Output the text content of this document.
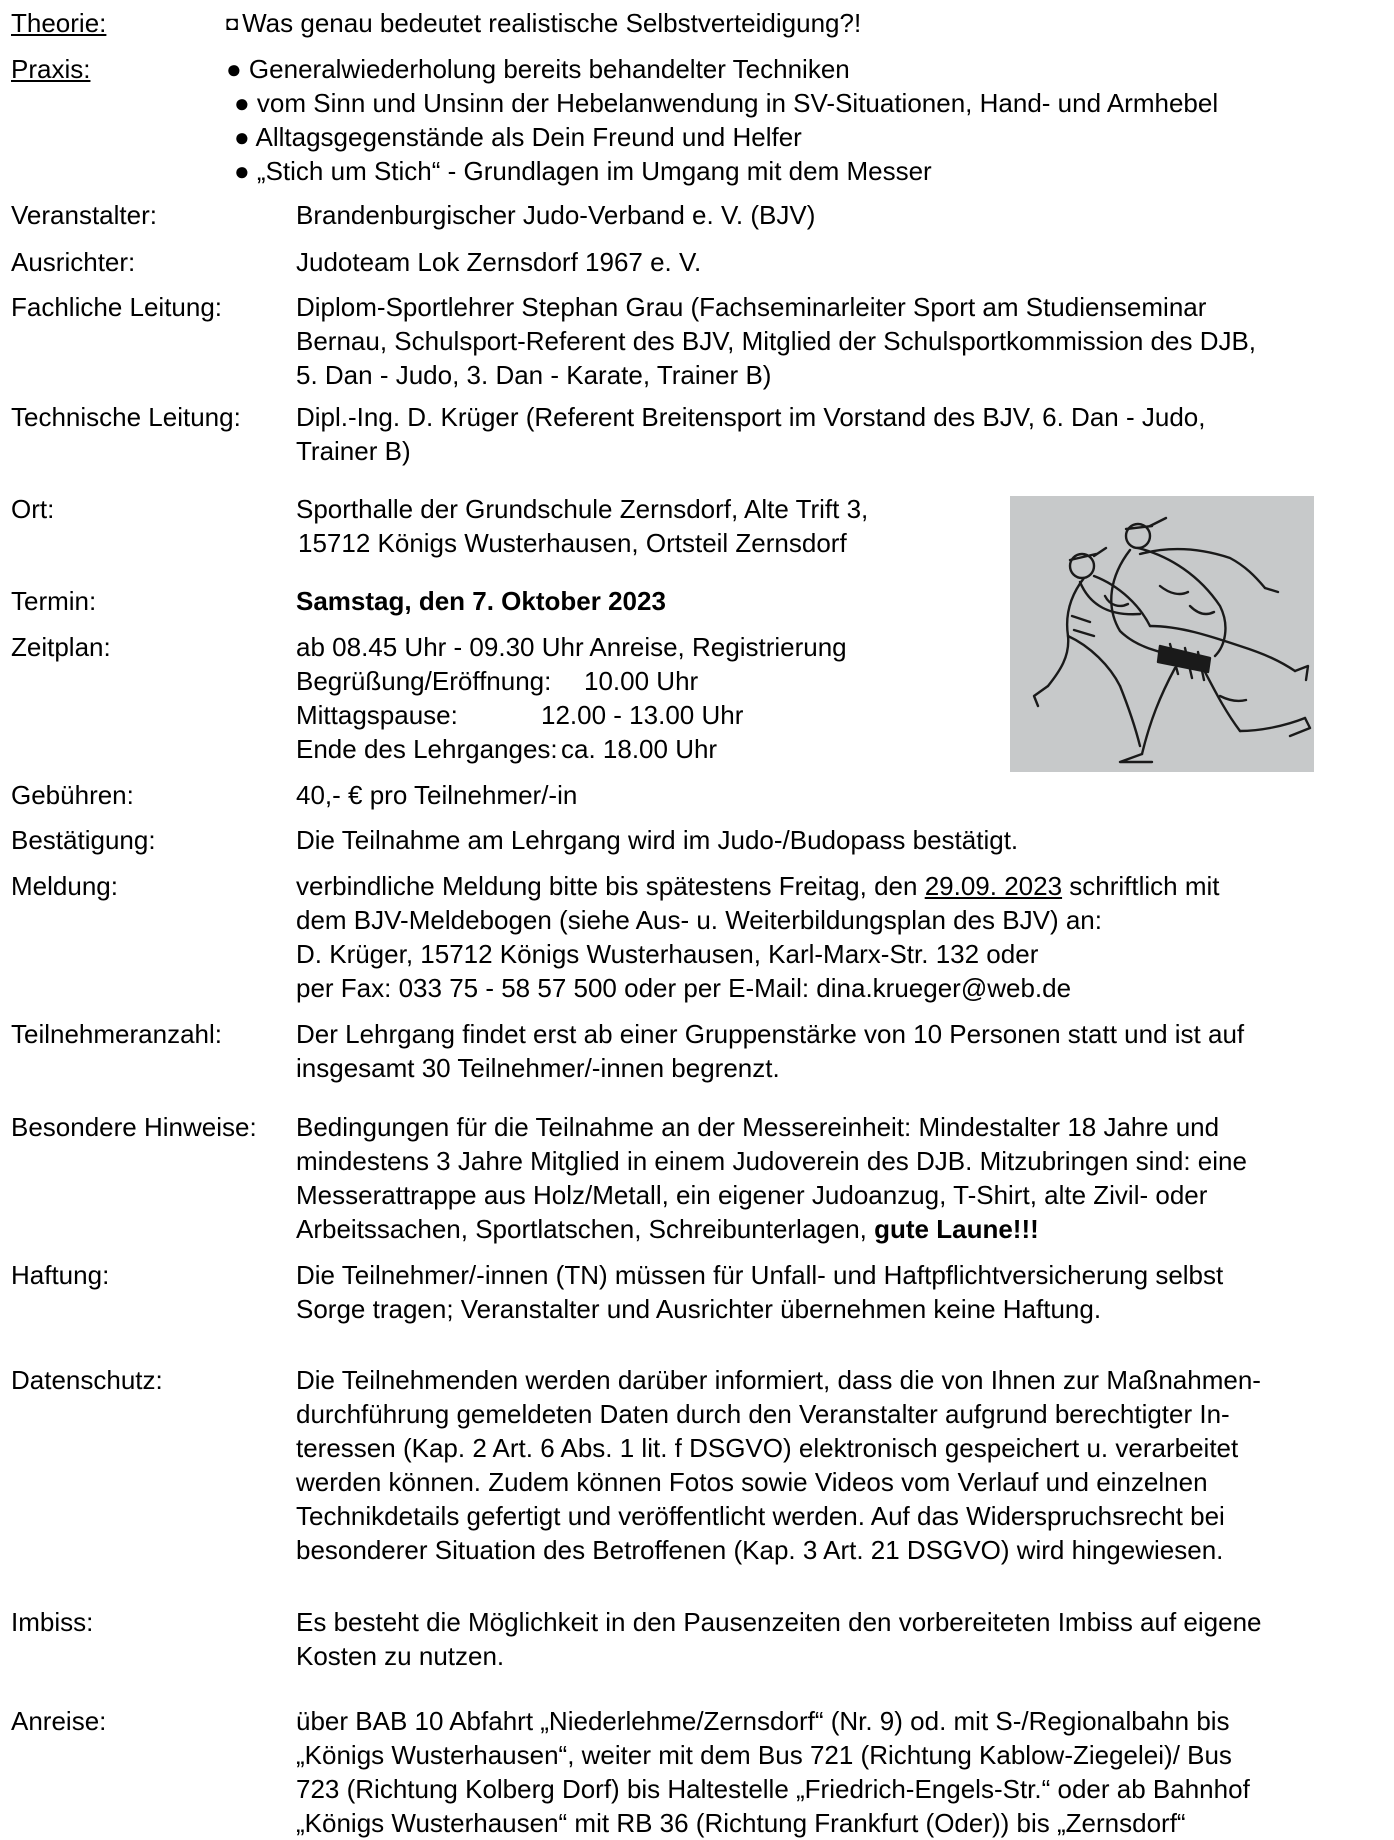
Theorie:	◘ Was genau bedeutet realistische Selbstverteidigung?!
Praxis:	● Generalwiederholung bereits behandelter Techniken
● vom Sinn und Unsinn der Hebelanwendung in SV-Situationen, Hand- und Armhebel
● Alltagsgegenstände als Dein Freund und Helfer
● „Stich um Stich“ - Grundlagen im Umgang mit dem Messer
Veranstalter:	Brandenburgischer Judo-Verband e. V. (BJV)
Ausrichter:	Judoteam Lok Zernsdorf 1967 e. V.
Fachliche Leitung:	Diplom-Sportlehrer Stephan Grau (Fachseminarleiter Sport am Studienseminar
Bernau, Schulsport-Referent des BJV, Mitglied der Schulsportkommission des DJB,
5. Dan - Judo, 3. Dan - Karate, Trainer B)
Technische Leitung: Dipl.-Ing. D. Krüger (Referent Breitensport im Vorstand des BJV, 6. Dan - Judo,
Trainer B)
Ort:	Sporthalle der Grundschule Zernsdorf, Alte Trift 3,
15712 Königs Wusterhausen, Ortsteil Zernsdorf
Termin:	Samstag, den 7. Oktober 2023
Zeitplan:	ab 08.45 Uhr - 09.30 Uhr Anreise, Registrierung
Begrüßung/Eröffnung: 10.00 Uhr
Mittagspause:	12.00 - 13.00 Uhr
Ende des Lehrganges: ca. 18.00 Uhr
Gebühren:	40,- € pro Teilnehmer/-in
Bestätigung:	Die Teilnahme am Lehrgang wird im Judo-/Budopass bestätigt.
Meldung:	verbindliche Meldung bitte bis spätestens Freitag, den 29.09. 2023 schriftlich mit
dem BJV-Meldebogen (siehe Aus- u. Weiterbildungsplan des BJV) an:
D. Krüger, 15712 Königs Wusterhausen, Karl-Marx-Str. 132 oder
per Fax: 033 75 - 58 57 500 oder per E-Mail: dina.krueger@web.de
Teilnehmeranzahl:	Der Lehrgang findet erst ab einer Gruppenstärke von 10 Personen statt und ist auf
insgesamt 30 Teilnehmer/-innen begrenzt.
Besondere Hinweise: Bedingungen für die Teilnahme an der Messereinheit: Mindestalter 18 Jahre und
mindestens 3 Jahre Mitglied in einem Judoverein des DJB. Mitzubringen sind: eine
Messerattrappe aus Holz/Metall, ein eigener Judoanzug, T-Shirt, alte Zivil- oder
Arbeitssachen, Sportlatschen, Schreibunterlagen, gute Laune!!!
Haftung:	Die Teilnehmer/-innen (TN) müssen für Unfall- und Haftpflichtversicherung selbst
Sorge tragen; Veranstalter und Ausrichter übernehmen keine Haftung.
Datenschutz:	Die Teilnehmenden werden darüber informiert, dass die von Ihnen zur Maßnahmen-
durchführung gemeldeten Daten durch den Veranstalter aufgrund berechtigter In-
teressen (Kap. 2 Art. 6 Abs. 1 lit. f DSGVO) elektronisch gespeichert u. verarbeitet
werden können. Zudem können Fotos sowie Videos vom Verlauf und einzelnen
Technikdetails gefertigt und veröffentlicht werden. Auf das Widerspruchsrecht bei
besonderer Situation des Betroffenen (Kap. 3 Art. 21 DSGVO) wird hingewiesen.
Imbiss:	Es besteht die Möglichkeit in den Pausenzeiten den vorbereiteten Imbiss auf eigene
Kosten zu nutzen.
Anreise:	über BAB 10 Abfahrt „Niederlehme/Zernsdorf“ (Nr. 9) od. mit S-/Regionalbahn bis
„Königs Wusterhausen“, weiter mit dem Bus 721 (Richtung Kablow-Ziegelei)/ Bus
723 (Richtung Kolberg Dorf) bis Haltestelle „Friedrich-Engels-Str.“ oder ab Bahnhof
„Königs Wusterhausen“ mit RB 36 (Richtung Frankfurt (Oder)) bis „Zernsdorf“
